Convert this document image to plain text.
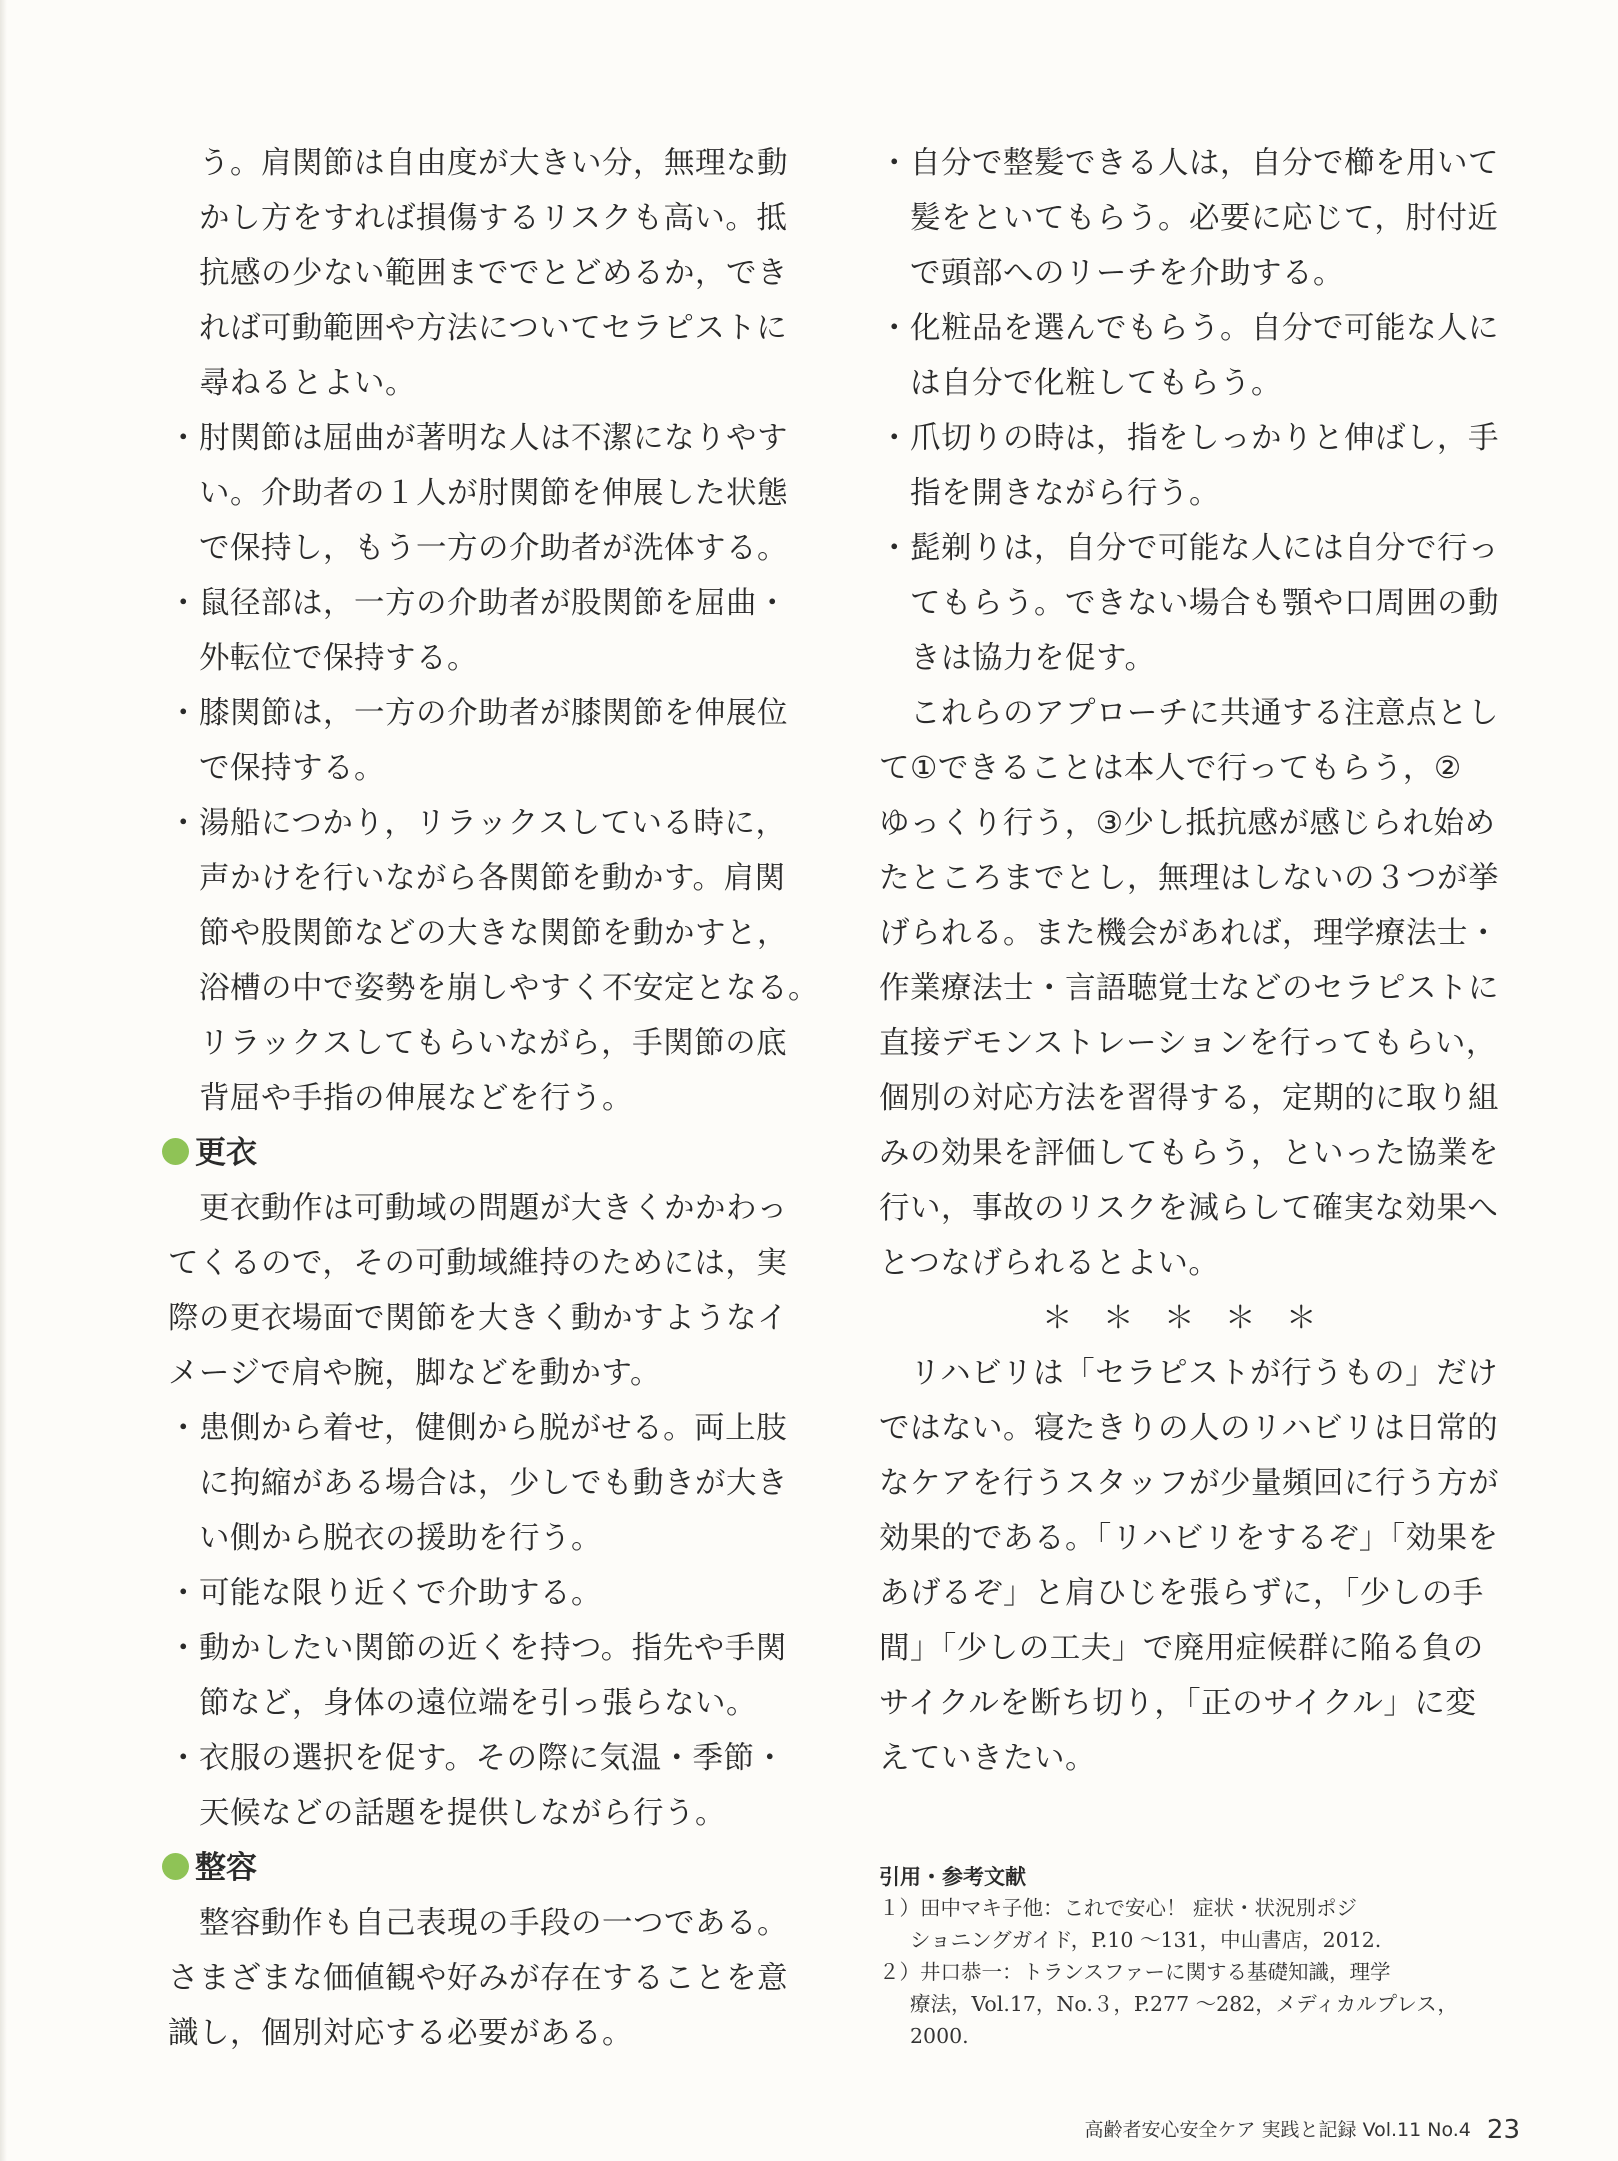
う。肩関節は自由度が大きい分，無理な動
かし方をすれば損傷するリスクも高い。抵
抗感の少ない範囲まででとどめるか，でき
れば可動範囲や方法についてセラピストに
尋ねるとよい。
・肘関節は屈曲が著明な人は不潔になりやす
い。介助者の１人が肘関節を伸展した状態
で保持し，もう一方の介助者が洗体する。
・鼠径部は，一方の介助者が股関節を屈曲・
外転位で保持する。
・膝関節は，一方の介助者が膝関節を伸展位
で保持する。
・湯船につかり，リラックスしている時に，
声かけを行いながら各関節を動かす。肩関
節や股関節などの大きな関節を動かすと，
浴槽の中で姿勢を崩しやすく不安定となる。
リラックスしてもらいながら，手関節の底
背屈や手指の伸展などを行う。
更衣
更衣動作は可動域の問題が大きくかかわっ
てくるので，その可動域維持のためには，実
際の更衣場面で関節を大きく動かすようなイ
メージで肩や腕，脚などを動かす。
・患側から着せ，健側から脱がせる。両上肢
に拘縮がある場合は，少しでも動きが大き
い側から脱衣の援助を行う。
・可能な限り近くで介助する。
・動かしたい関節の近くを持つ。指先や手関
節など，身体の遠位端を引っ張らない。
・衣服の選択を促す。その際に気温・季節・
天候などの話題を提供しながら行う。
整容
整容動作も自己表現の手段の一つである。
さまざまな価値観や好みが存在することを意
識し，個別対応する必要がある。
・自分で整髪できる人は，自分で櫛を用いて
髪をといてもらう。必要に応じて，肘付近
で頭部へのリーチを介助する。
・化粧品を選んでもらう。自分で可能な人に
は自分で化粧してもらう。
・爪切りの時は，指をしっかりと伸ばし，手
指を開きながら行う。
・髭剃りは，自分で可能な人には自分で行っ
てもらう。できない場合も顎や口周囲の動
きは協力を促す。
これらのアプローチに共通する注意点とし
て①できることは本人で行ってもらう，②
ゆっくり行う，③少し抵抗感が感じられ始め
たところまでとし，無理はしないの３つが挙
げられる。また機会があれば，理学療法士・
作業療法士・言語聴覚士などのセラピストに
直接デモンストレーションを行ってもらい，
個別の対応方法を習得する，定期的に取り組
みの効果を評価してもらう，といった協業を
行い，事故のリスクを減らして確実な効果へ
とつなげられるとよい。
＊　＊　＊　＊　＊
リハビリは「セラピストが行うもの」だけ
ではない。寝たきりの人のリハビリは日常的
なケアを行うスタッフが少量頻回に行う方が
効果的である。「リハビリをするぞ」「効果を
あげるぞ」と肩ひじを張らずに，「少しの手
間」「少しの工夫」で廃用症候群に陥る負の
サイクルを断ち切り，「正のサイクル」に変
えていきたい。
引用・参考文献
１）田中マキ子他：これで安心！ 症状・状況別ポジ
ショニングガイド，P.10 ～131，中山書店，2012.
２）井口恭一：トランスファーに関する基礎知識，理学
療法，Vol.17，No.３，P.277 ～282，メディカルプレス，
2000.
高齢者安心安全ケア 実践と記録 Vol.11 No.4 23
